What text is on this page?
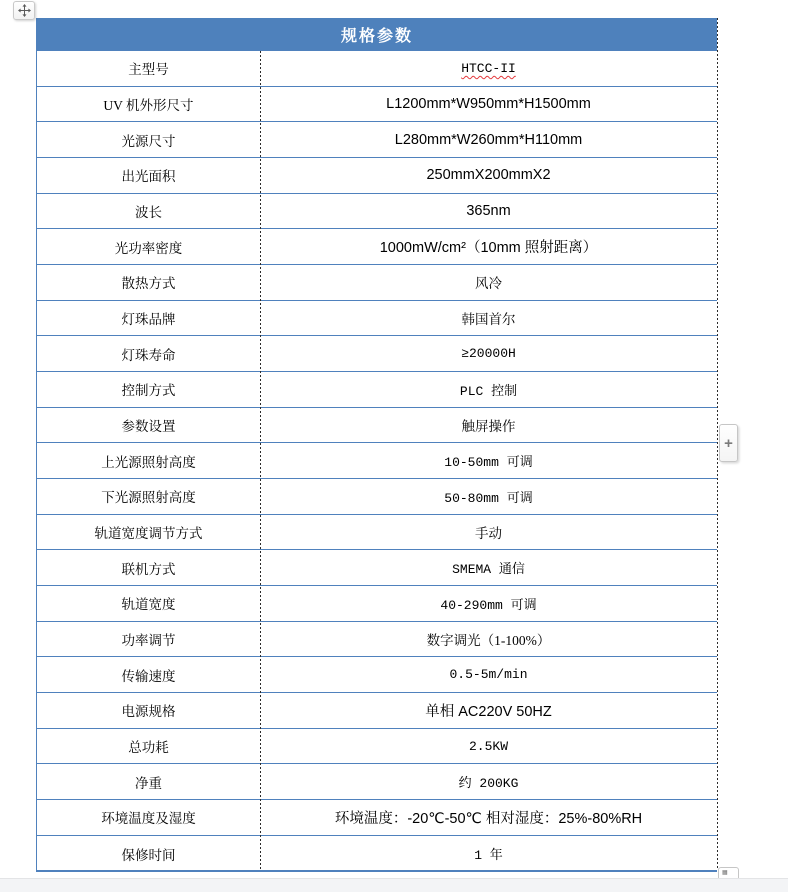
规格参数
主型号	HTCC-II
UV 机外形尺寸	L1200mm*W950mm*H1500mm
光源尺寸	L280mm*W260mm*H110mm
出光面积	250mmX200mmX2
波长	365nm
光功率密度	1000mW/cm²（10mm 照射距离）
散热方式	风冷
灯珠品牌	韩国首尔
灯珠寿命	≥20000H
控制方式	PLC 控制
参数设置	触屏操作
上光源照射高度	10-50mm 可调
下光源照射高度	50-80mm 可调
轨道宽度调节方式	手动
联机方式	SMEMA 通信
轨道宽度	40-290mm 可调
功率调节	数字调光（1-100%）
传输速度	0.5-5m/min
电源规格	单相 AC220V 50HZ
总功耗	2.5KW
净重	约 200KG
环境温度及湿度	环境温度：-20℃-50℃ 相对湿度：25%-80%RH
保修时间	1 年
+
▦
